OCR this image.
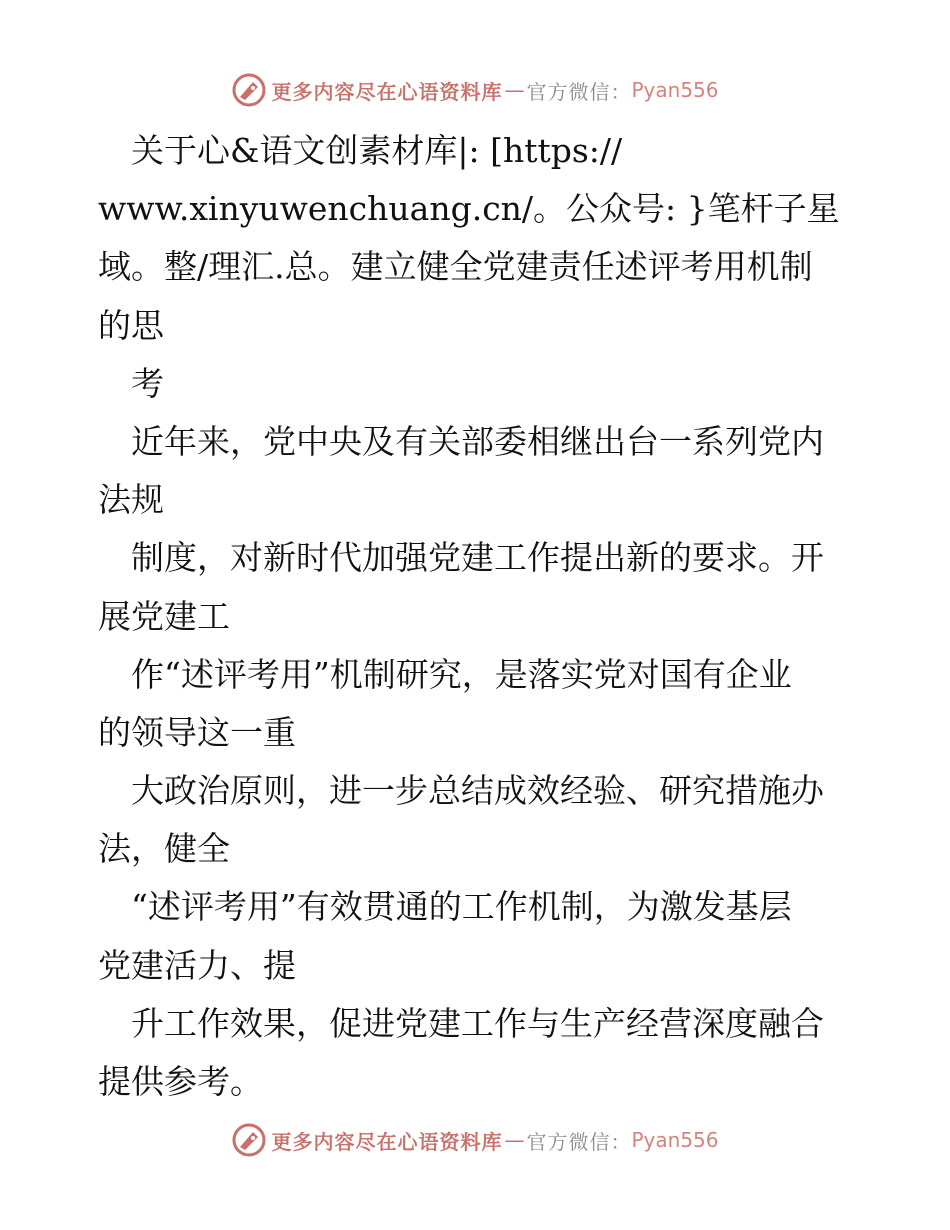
更多内容尽在心语资料库 — 官方微信： Pyan556
　关于心&语文创素材库|: [https://
www.xinyuwenchuang.cn/。公众号: }笔杆子星
域。整/理汇.总。建立健全党建责任述评考用机制
的思
　考
　近年来，党中央及有关部委相继出台一系列党内
法规
　制度，对新时代加强党建工作提出新的要求。开
展党建工
　作“述评考用”机制研究，是落实党对国有企业
的领导这一重
　大政治原则，进一步总结成效经验、研究措施办
法，健全
　“述评考用”有效贯通的工作机制，为激发基层
党建活力、提
　升工作效果，促进党建工作与生产经营深度融合
提供参考。
更多内容尽在心语资料库 — 官方微信： Pyan556
